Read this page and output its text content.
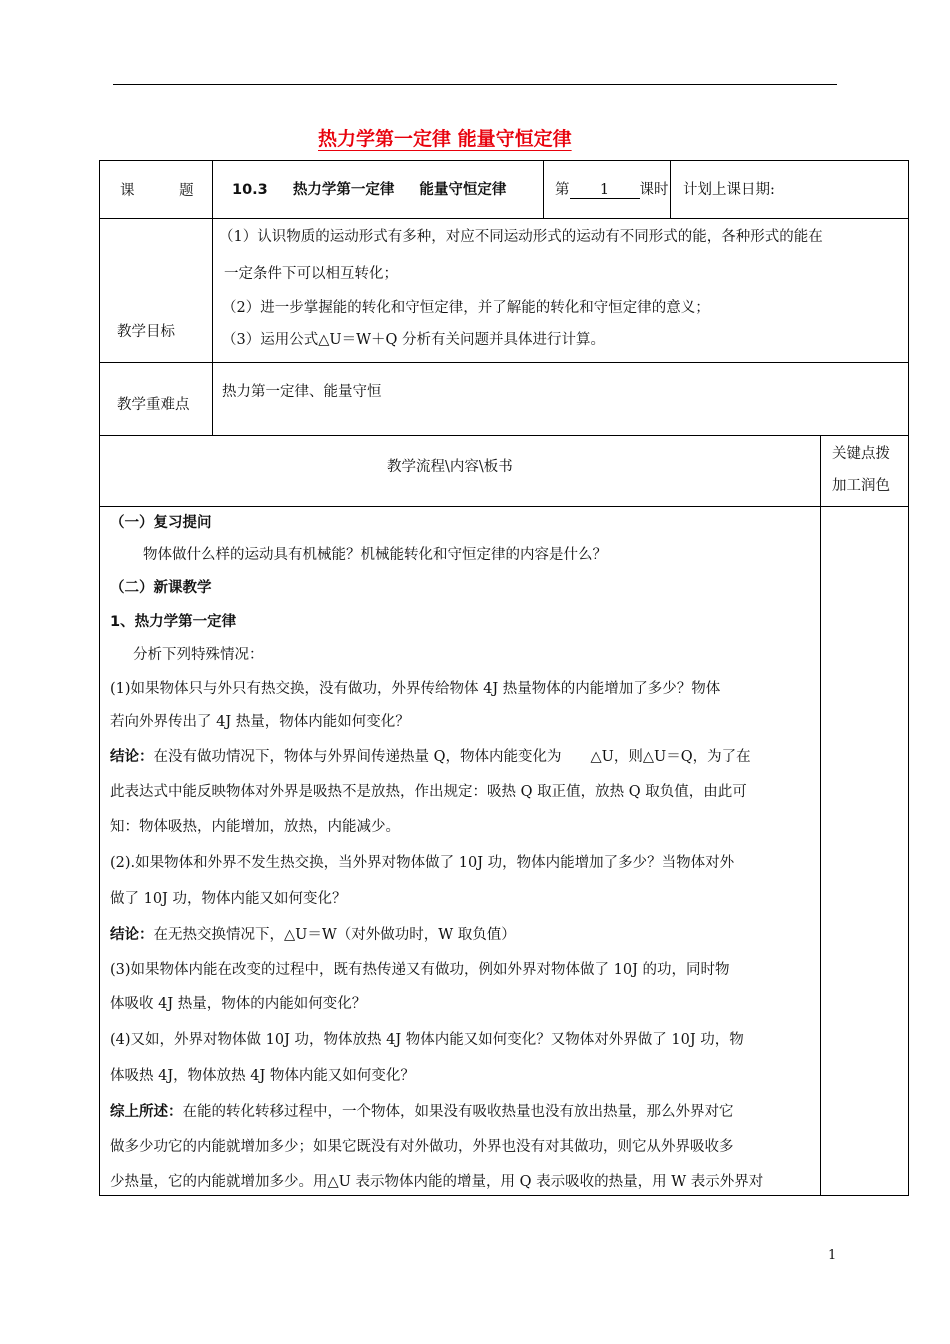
热力学第一定律 能量守恒定律
课 题	10.3 热力学第一定律 能量守恒定律	第 1 课时 计划上课日期:
教学目标
（1）认识物质的运动形式有多种，对应不同运动形式的运动有不同形式的能，各种形式的能在
一定条件下可以相互转化；
（2）进一步掌握能的转化和守恒定律，并了解能的转化和守恒定律的意义；
（3）运用公式△U＝W＋Q 分析有关问题并具体进行计算。
教学重难点
热力第一定律、能量守恒
教学流程\内容\板书
关键点拨
加工润色
（一）复习提问
物体做什么样的运动具有机械能？机械能转化和守恒定律的内容是什么？
（二）新课教学
1、热力学第一定律
分析下列特殊情况：
(1)如果物体只与外只有热交换，没有做功，外界传给物体 4J 热量物体的内能增加了多少？物体
若向外界传出了 4J 热量，物体内能如何变化？
结论：在没有做功情况下，物体与外界间传递热量 Q，物体内能变化为　　△U，则△U＝Q，为了在
此表达式中能反映物体对外界是吸热不是放热，作出规定：吸热 Q 取正值，放热 Q 取负值，由此可
知：物体吸热，内能增加，放热，内能减少。
(2).如果物体和外界不发生热交换，当外界对物体做了 10J 功，物体内能增加了多少？当物体对外
做了 10J 功，物体内能又如何变化？
结论：在无热交换情况下，△U＝W（对外做功时，W 取负值）
(3)如果物体内能在改变的过程中，既有热传递又有做功，例如外界对物体做了 10J 的功，同时物
体吸收 4J 热量，物体的内能如何变化？
(4)又如，外界对物体做 10J 功，物体放热 4J 物体内能又如何变化？又物体对外界做了 10J 功，物
体吸热 4J，物体放热 4J 物体内能又如何变化？
综上所述：在能的转化转移过程中，一个物体，如果没有吸收热量也没有放出热量，那么外界对它
做多少功它的内能就增加多少；如果它既没有对外做功，外界也没有对其做功，则它从外界吸收多
少热量，它的内能就增加多少。用△U 表示物体内能的增量，用 Q 表示吸收的热量，用 W 表示外界对
1
